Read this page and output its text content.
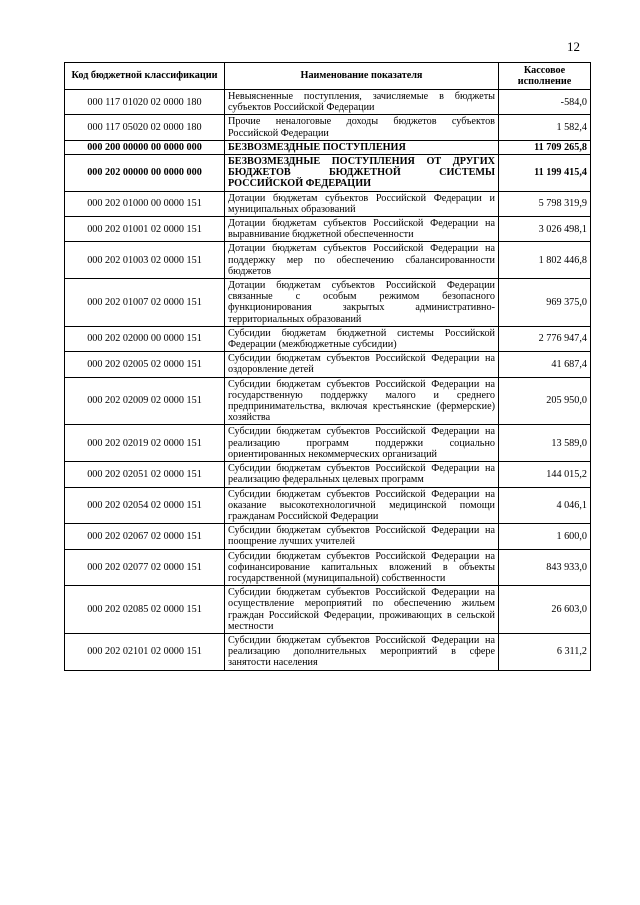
12
Код бюджетной классификации	Наименование показателя	Кассовое исполнение
000 117 01020 02 0000 180	Невыясненные поступления, зачисляемые в бюджеты субъектов Российской Федерации	-584,0
000 117 05020 02 0000 180	Прочие неналоговые доходы бюджетов субъектов Российской Федерации	1 582,4
000 200 00000 00 0000 000	БЕЗВОЗМЕЗДНЫЕ ПОСТУПЛЕНИЯ	11 709 265,8
000 202 00000 00 0000 000	БЕЗВОЗМЕЗДНЫЕ ПОСТУПЛЕНИЯ ОТ ДРУГИХ БЮДЖЕТОВ БЮДЖЕТНОЙ СИСТЕМЫ РОССИЙСКОЙ ФЕДЕРАЦИИ	11 199 415,4
000 202 01000 00 0000 151	Дотации бюджетам субъектов Российской Федерации и муниципальных образований	5 798 319,9
000 202 01001 02 0000 151	Дотации бюджетам субъектов Российской Федерации на выравнивание бюджетной обеспеченности	3 026 498,1
000 202 01003 02 0000 151	Дотации бюджетам субъектов Российской Федерации на поддержку мер по обеспечению сбалансированности бюджетов	1 802 446,8
000 202 01007 02 0000 151	Дотации бюджетам субъектов Российской Федерации связанные с особым режимом безопасного функционирования закрытых административно-территориальных образований	969 375,0
000 202 02000 00 0000 151	Субсидии бюджетам бюджетной системы Российской Федерации (межбюджетные субсидии)	2 776 947,4
000 202 02005 02 0000 151	Субсидии бюджетам субъектов Российской Федерации на оздоровление детей	41 687,4
000 202 02009 02 0000 151	Субсидии бюджетам субъектов Российской Федерации на государственную поддержку малого и среднего предпринимательства, включая крестьянские (фермерские) хозяйства	205 950,0
000 202 02019 02 0000 151	Субсидии бюджетам субъектов Российской Федерации на реализацию программ поддержки социально ориентированных некоммерческих организаций	13 589,0
000 202 02051 02 0000 151	Субсидии бюджетам субъектов Российской Федерации на реализацию федеральных целевых программ	144 015,2
000 202 02054 02 0000 151	Субсидии бюджетам субъектов Российской Федерации на оказание высокотехнологичной медицинской помощи гражданам Российской Федерации	4 046,1
000 202 02067 02 0000 151	Субсидии бюджетам субъектов Российской Федерации на поощрение лучших учителей	1 600,0
000 202 02077 02 0000 151	Субсидии бюджетам субъектов Российской Федерации на софинансирование капитальных вложений в объекты государственной (муниципальной) собственности	843 933,0
000 202 02085 02 0000 151	Субсидии бюджетам субъектов Российской Федерации на осуществление мероприятий по обеспечению жильем граждан Российской Федерации, проживающих в сельской местности	26 603,0
000 202 02101 02 0000 151	Субсидии бюджетам субъектов Российской Федерации на реализацию дополнительных мероприятий в сфере занятости населения	6 311,2
